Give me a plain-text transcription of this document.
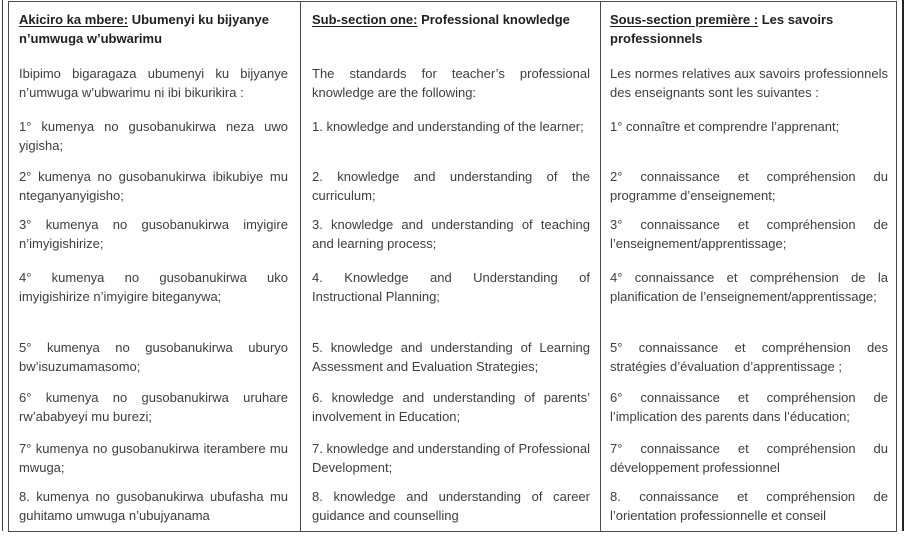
Akiciro ka mbere: Ubumenyi ku bijyanye n’umwuga w’ubwarimu
Sub-section one: Professional knowledge	Sous-section première : Les savoirs professionnels
Ibipimo bigaragaza ubumenyi ku bijyanye n’umwuga w’ubwarimu ni ibi bikurikira :
The standards for teacher’s professional knowledge are the following:
Les normes relatives aux savoirs professionnels des enseignants sont les suivantes :
1° kumenya no gusobanukirwa neza uwo yigisha;
1. knowledge and understanding of the learner;	1° connaître et comprendre l’apprenant;
2° kumenya no gusobanukirwa ibikubiye mu nteganyanyigisho;
2. knowledge and understanding of the curriculum;
2° connaissance et compréhension du programme d’enseignement;
3° kumenya no gusobanukirwa imyigire n’imyigishirize;
3. knowledge and understanding of teaching and learning process;
3° connaissance et compréhension de l’enseignement/apprentissage;
4° kumenya no gusobanukirwa uko imyigishirize n’imyigire biteganywa;
4. Knowledge and Understanding of Instructional Planning;
4° connaissance et compréhension de la planification de l’enseignement/apprentissage;
5° kumenya no gusobanukirwa uburyo bw’isuzumamasomo;
5. knowledge and understanding of Learning Assessment and Evaluation Strategies;
5° connaissance et compréhension des stratégies d’évaluation d’apprentissage ;
6° kumenya no gusobanukirwa uruhare rw’ababyeyi mu burezi;
6. knowledge and understanding of parents’ involvement in Education;
6° connaissance et compréhension de l’implication des parents dans l’éducation;
7° kumenya no gusobanukirwa iterambere mu mwuga;
7. knowledge and understanding of Professional Development;
7° connaissance et compréhension du développement professionnel
8. kumenya no gusobanukirwa ubufasha mu guhitamo umwuga n’ubujyanama
8. knowledge and understanding of career guidance and counselling
8. connaissance et compréhension de l’orientation professionnelle et conseil
